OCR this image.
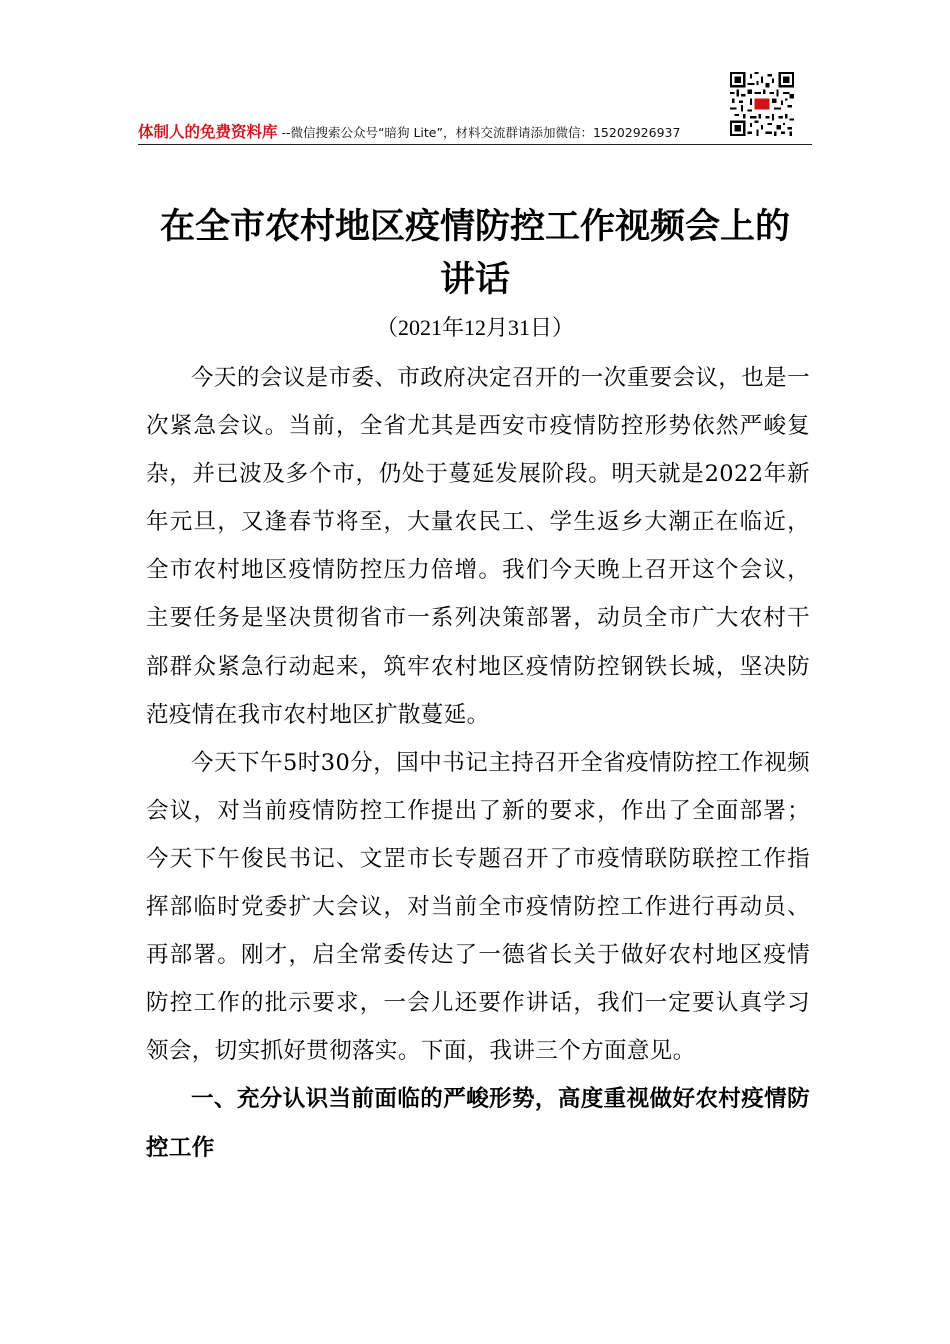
体制人的免费资料库 --微信搜索公众号“暗狗 Lite”，材料交流群请添加微信：15202926937
在全市农村地区疫情防控工作视频会上的
讲话
（2021年12月31日）

今天的会议是市委、市政府决定召开的一次重要会议，也是一次紧急会议。当前，全省尤其是西安市疫情防控形势依然严峻复杂，并已波及多个市，仍处于蔓延发展阶段。明天就是2022年新年元旦，又逢春节将至，大量农民工、学生返乡大潮正在临近，全市农村地区疫情防控压力倍增。我们今天晚上召开这个会议，主要任务是坚决贯彻省市一系列决策部署，动员全市广大农村干部群众紧急行动起来，筑牢农村地区疫情防控钢铁长城，坚决防范疫情在我市农村地区扩散蔓延。

今天下午5时30分，国中书记主持召开全省疫情防控工作视频会议，对当前疫情防控工作提出了新的要求，作出了全面部署；今天下午俊民书记、文罡市长专题召开了市疫情联防联控工作指挥部临时党委扩大会议，对当前全市疫情防控工作进行再动员、再部署。刚才，启全常委传达了一德省长关于做好农村地区疫情防控工作的批示要求，一会儿还要作讲话，我们一定要认真学习领会，切实抓好贯彻落实。下面，我讲三个方面意见。

一、充分认识当前面临的严峻形势，高度重视做好农村疫情防控工作
